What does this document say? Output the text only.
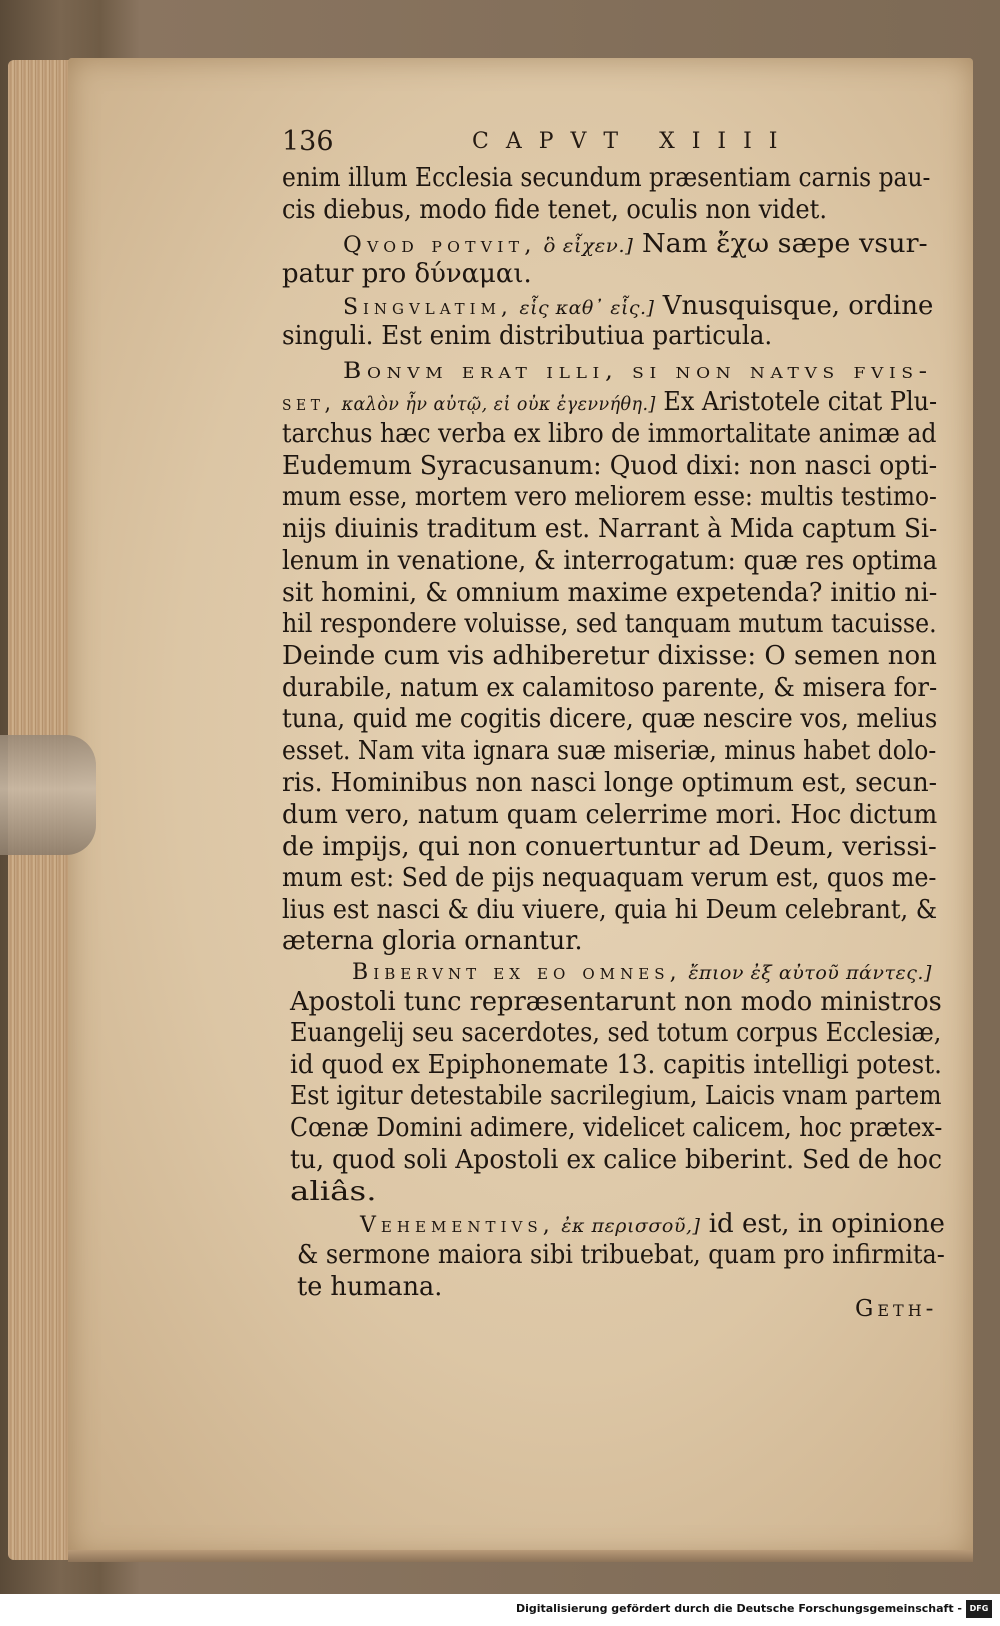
136	CAPVT XIIII
enim illum Ecclesia secundum præsentiam carnis pau-
cis diebus, modo fide tenet, oculis non videt.
Qvod potvit, ὃ εἶχεν.] Nam ἔχω sæpe vsur-
patur pro δύναμαι.
Singvlatim, εἷς καθ᾽ εἷς.] Vnusquisque, ordine
singuli. Est enim distributiua particula.
Bonvm erat illi, si non natvs fvis-
set, καλὸν ἦν αὐτῷ, εἰ οὐκ ἐγεννήθη.] Ex Aristotele citat Plu-
tarchus hæc verba ex libro de immortalitate animæ ad
Eudemum Syracusanum: Quod dixi: non nasci opti-
mum esse, mortem vero meliorem esse: multis testimo-
nijs diuinis traditum est. Narrant à Mida captum Si-
lenum in venatione, & interrogatum: quæ res optima
sit homini, & omnium maxime expetenda? initio ni-
hil respondere voluisse, sed tanquam mutum tacuisse.
Deinde cum vis adhiberetur dixisse: O semen non
durabile, natum ex calamitoso parente, & misera for-
tuna, quid me cogitis dicere, quæ nescire vos, melius
esset. Nam vita ignara suæ miseriæ, minus habet dolo-
ris. Hominibus non nasci longe optimum est, secun-
dum vero, natum quam celerrime mori. Hoc dictum
de impijs, qui non conuertuntur ad Deum, verissi-
mum est: Sed de pijs nequaquam verum est, quos me-
lius est nasci & diu viuere, quia hi Deum celebrant, &
æterna gloria ornantur.
Bibervnt ex eo omnes, ἔπιον ἐξ αὐτοῦ πάντες.]
Apostoli tunc repræsentarunt non modo ministros
Euangelij seu sacerdotes, sed totum corpus Ecclesiæ,
id quod ex Epiphonemate 13. capitis intelligi potest.
Est igitur detestabile sacrilegium, Laicis vnam partem
Cœnæ Domini adimere, videlicet calicem, hoc prætex-
tu, quod soli Apostoli ex calice biberint. Sed de hoc
aliâs.
Vehementivs, ἐκ περισσοῦ,] id est, in opinione
& sermone maiora sibi tribuebat, quam pro infirmita-
te humana.
Geth-
Digitalisierung gefördert durch die Deutsche Forschungsgemeinschaft - DFG
